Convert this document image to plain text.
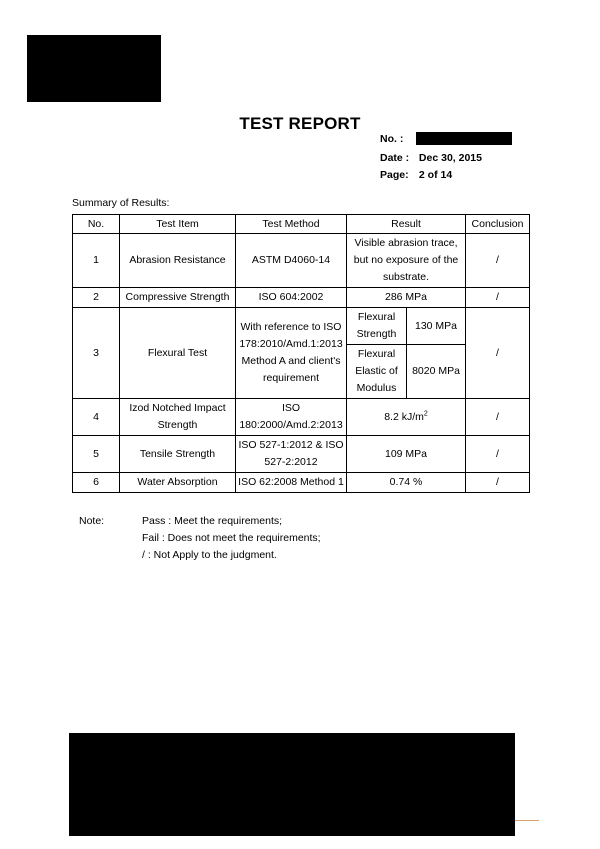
TEST REPORT
No. :
Date : Dec 30, 2015
Page: 2 of 14
Summary of Results:
No.	Test Item	Test Method	Result		Conclusion
1	Abrasion Resistance	ASTM D4060-14	Visible abrasion trace, but no exposure of the substrate.		/
2	Compressive Strength	ISO 604:2002	286 MPa		/
3	Flexural Test	With reference to ISO 178:2010/Amd.1:2013 Method A and client's requirement	Flexural Strength	130 MPa	/
			Flexural Elastic of Modulus	8020 MPa	
4	Izod Notched Impact Strength	ISO 180:2000/Amd.2:2013	8.2 $kJ/m^2$		/
5	Tensile Strength	ISO 527-1:2012 & ISO 527-2:2012	109 MPa		/
6	Water Absorption	ISO 62:2008 Method 1	0.74 %		/
Note:	Pass : Meet the requirements;
Fail : Does not meet the requirements;
/ : Not Apply to the judgment.
